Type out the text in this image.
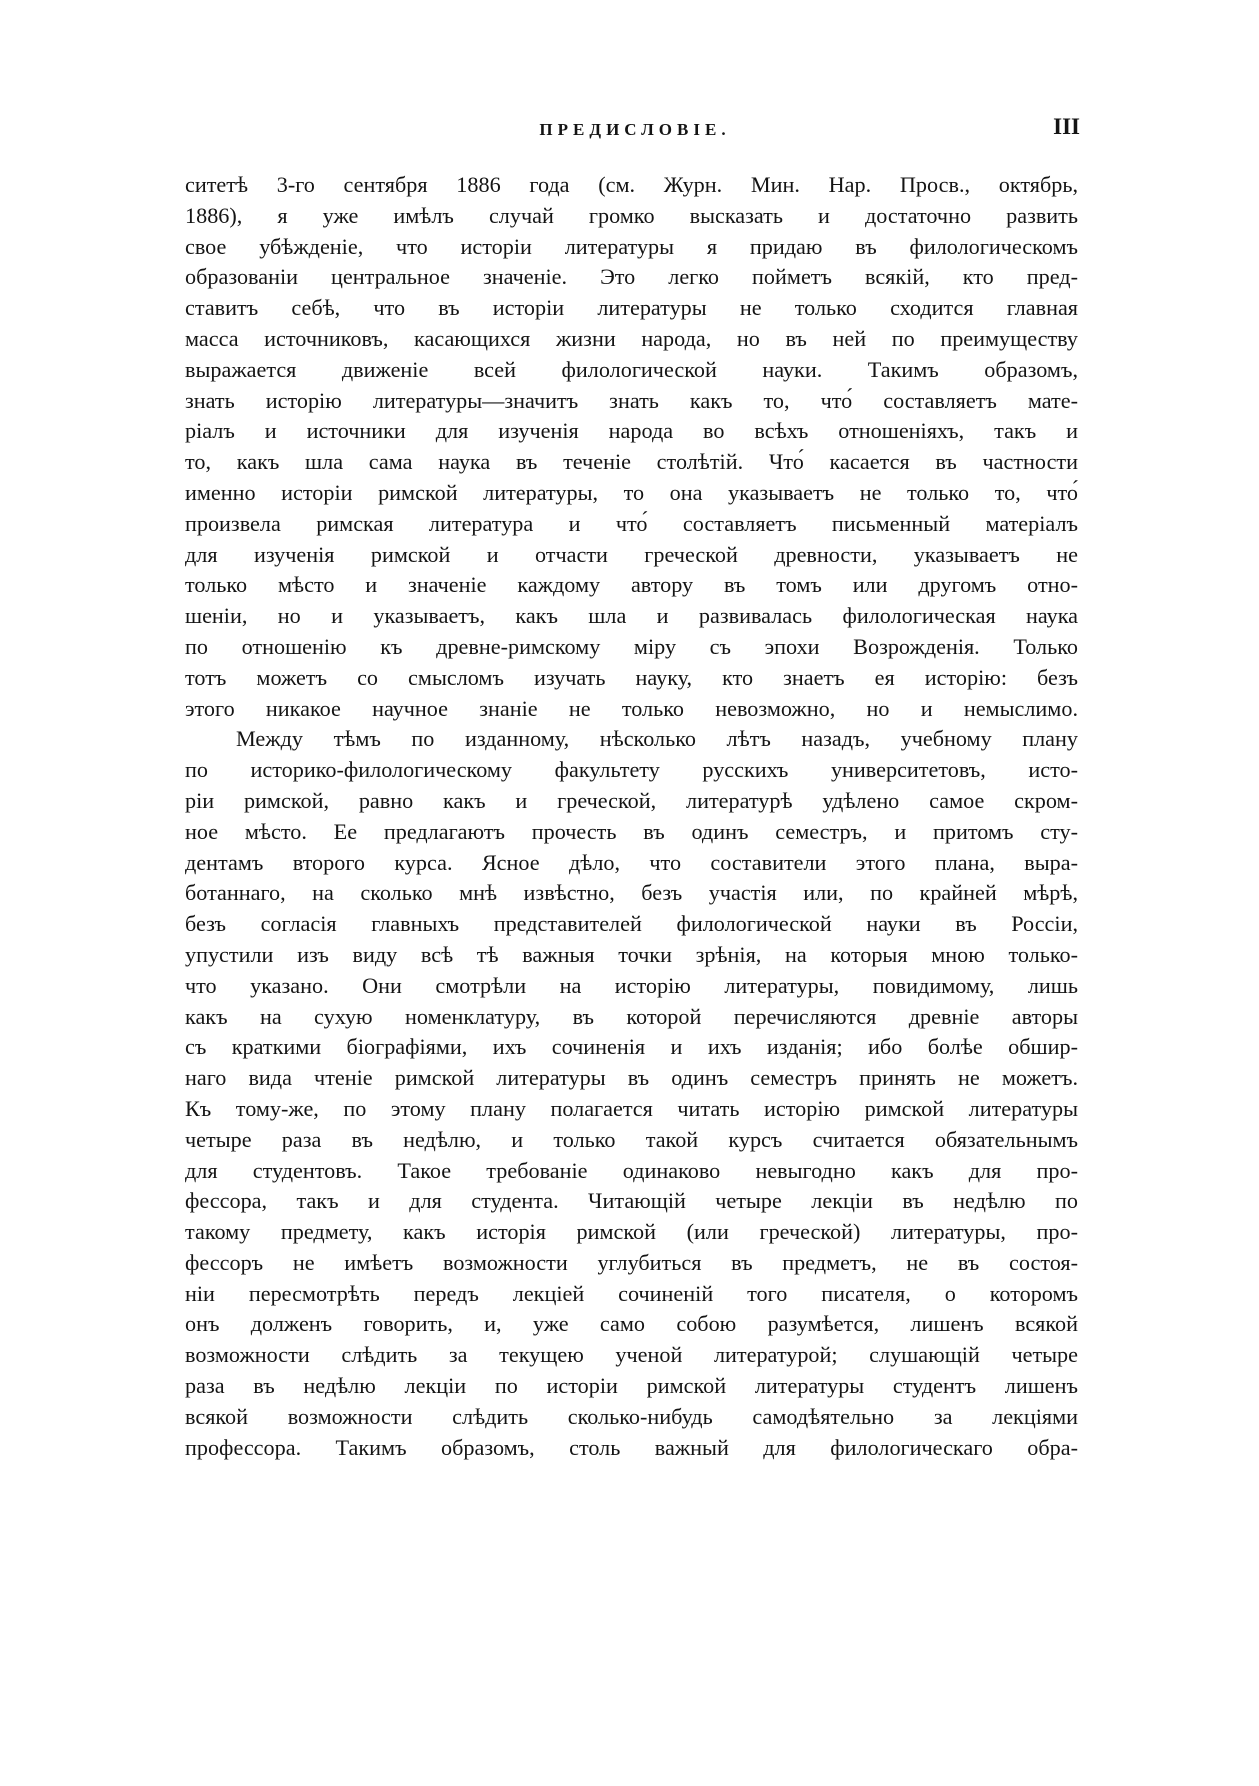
ПРЕДИСЛОВІЕ.	III
ситетѣ 3-го сентября 1886 года (см. Журн. Мин. Нар. Просв., октябрь,
1886), я уже имѣлъ случай громко высказать и достаточно развить
свое убѣжденіе, что исторіи литературы я придаю въ филологическомъ
образованіи центральное значеніе. Это легко пойметъ всякій, кто пред-
ставитъ себѣ, что въ исторіи литературы не только сходится главная
масса источниковъ, касающихся жизни народа, но въ ней по преимуществу
выражается движеніе всей филологической науки. Такимъ образомъ,
знать исторію литературы—значитъ знать какъ то, что́ составляетъ мате-
ріалъ и источники для изученія народа во всѣхъ отношеніяхъ, такъ и
то, какъ шла сама наука въ теченіе столѣтій. Что́ касается въ частности
именно исторіи римской литературы, то она указываетъ не только то, что́
произвела римская литература и что́ составляетъ письменный матеріалъ
для изученія римской и отчасти греческой древности, указываетъ не
только мѣсто и значеніе каждому автору въ томъ или другомъ отно-
шеніи, но и указываетъ, какъ шла и развивалась филологическая наука
по отношенію къ древне-римскому міру съ эпохи Возрожденія. Только
тотъ можетъ со смысломъ изучать науку, кто знаетъ ея исторію: безъ
этого никакое научное знаніе не только невозможно, но и немыслимо.
Между тѣмъ по изданному, нѣсколько лѣтъ назадъ, учебному плану
по историко-филологическому факультету русскихъ университетовъ, исто-
ріи римской, равно какъ и греческой, литературѣ удѣлено самое скром-
ное мѣсто. Ее предлагаютъ прочесть въ одинъ семестръ, и притомъ сту-
дентамъ второго курса. Ясное дѣло, что составители этого плана, выра-
ботаннаго, на сколько мнѣ извѣстно, безъ участія или, по крайней мѣрѣ,
безъ согласія главныхъ представителей филологической науки въ Россіи,
упустили изъ виду всѣ тѣ важныя точки зрѣнія, на которыя мною только-
что указано. Они смотрѣли на исторію литературы, повидимому, лишь
какъ на сухую номенклатуру, въ которой перечисляются древніе авторы
съ краткими біографіями, ихъ сочиненія и ихъ изданія; ибо болѣе обшир-
наго вида чтеніе римской литературы въ одинъ семестръ принять не можетъ.
Къ тому-же, по этому плану полагается читать исторію римской литературы
четыре раза въ недѣлю, и только такой курсъ считается обязательнымъ
для студентовъ. Такое требованіе одинаково невыгодно какъ для про-
фессора, такъ и для студента. Читающій четыре лекціи въ недѣлю по
такому предмету, какъ исторія римской (или греческой) литературы, про-
фессоръ не имѣетъ возможности углубиться въ предметъ, не въ состоя-
ніи пересмотрѣть передъ лекціей сочиненій того писателя, о которомъ
онъ долженъ говорить, и, уже само собою разумѣется, лишенъ всякой
возможности слѣдить за текущею ученой литературой; слушающій четыре
раза въ недѣлю лекціи по исторіи римской литературы студентъ лишенъ
всякой возможности слѣдить сколько-нибудь самодѣятельно за лекціями
профессора. Такимъ образомъ, столь важный для филологическаго обра-
